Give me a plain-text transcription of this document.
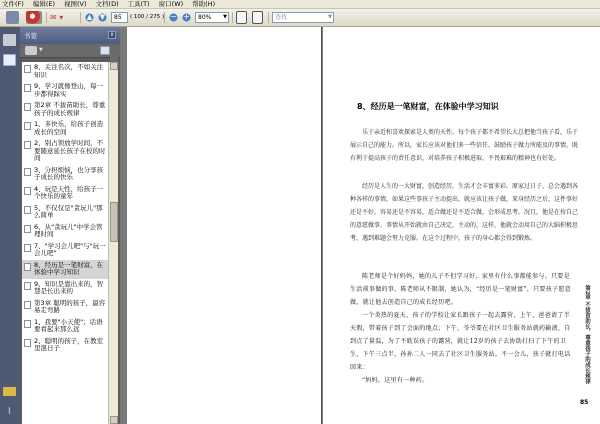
文件(F) 编辑(E) 视图(V) 文档(D) 工具(T) 窗口(W) 帮助(H)
✉ ▾	▲	▼	85	( 100 / 275 ) − +	80% ▼	查找	▼
⌇
书签	x
▼
8、关注名次，不如关注知识
9、学习就像登山，每一步都得踩实
第2章 不拔苗助长，尊重孩子的成长规律
1、多快乐，给孩子创造成长的空间
2、别占领放学时间，不要随意延长孩子在校的时间
3、分担烦恼，也分享孩子成长的快乐
4、玩是天性，给孩子一个快乐的童年
5、不仅仅是"贪玩儿"那么简单
6、从"贪玩儿"中学会管理时间
7、"学习会儿吧"与"玩一会儿吧"
8、经历是一笔财富，在体验中学习知识
9、知识是靠出来的，智慧是长出来的
第3章 聪明的孩子，最容易走弯路
1、我要"小天使"；话语要看起来那么远
2、聪明的孩子，在教室里混日子
8、经历是一笔财富，在体验中学习知识
乐于亲近和喜欢探索是人类的天性。每个孩子都不希望长大总把他当孩子看，乐于展示自己的能力。所以，家长应该对他们多一些信任，鼓励孩子做力所能及的事情，既有利于提高孩子的责任意识，对培养孩子积极进取、不畏艰难的精神也有好处。
经历是人生的一大财富，创造经历，生活才会丰富多彩。原家过日子，总会遇到各种各样的事情，如果这些事孩子主动提出，就应该让孩子做，来身经历之后，这件事好还是不好，容易还是不容易，适合做还是不适合做，会形成思考。况且，他是在按自己的意愿做事，事情从开始就由自己决定，主动的，这样，他就会动用自己的大脑积极思考，遇到难题会努力克服。在这个过程中，孩子的身心都会得到锻炼。

陈老师是个好妈妈，她的儿子不但学习好，家里有什么事都能参与。只要是生活琐事做的事，陈老师从不限制，她认为，“经历是一笔财富”，只要孩子愿意做，就让他去创造自己的成长经历吧。

一个炎热的夏天，孩子的学校让家长跟孩子一起去露营，上午，爸爸请了半天假，带着孩子到了会面的地点；下午，爷爷要在社区卫生服务站就药输液，自到点了量温，为了不耽误孩子的露营，就让12岁的孩子去协助打扫了下午的卫生，下午三点半，孙孙二人一同去了社区卫生服务站。不一会儿，孩子就打电话回来：

“妈妈，这里有一种药。	第2章 不拔苗助长，尊重孩子的成长规律
85
